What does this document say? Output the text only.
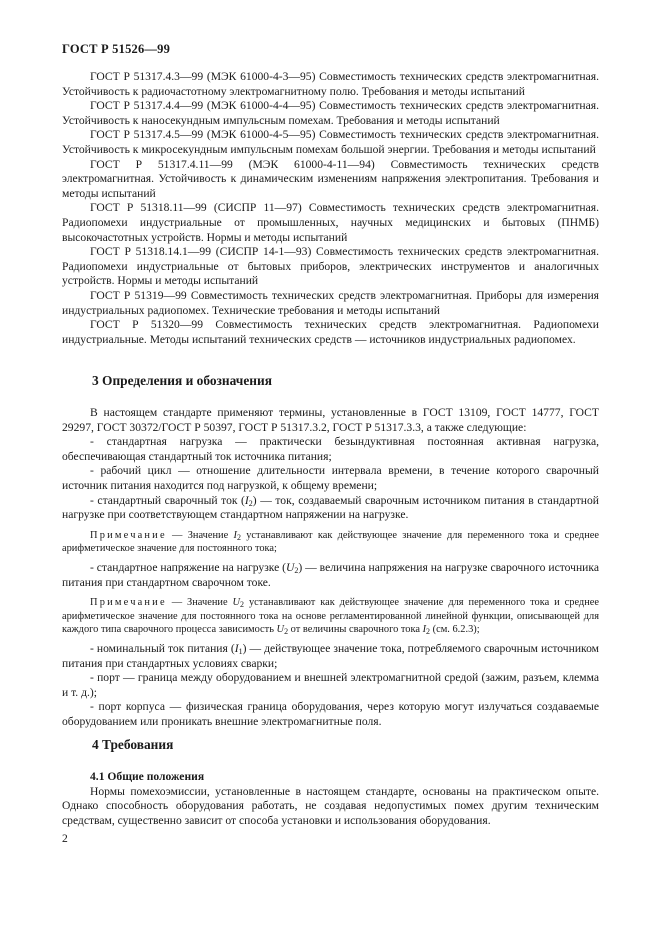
ГОСТ Р 51526—99

ГОСТ Р 51317.4.3—99 (МЭК 61000-4-3—95) Совместимость технических средств электромагнитная. Устойчивость к радиочастотному электромагнитному полю. Требования и методы испытаний

ГОСТ Р 51317.4.4—99 (МЭК 61000-4-4—95) Совместимость технических средств электромагнитная. Устойчивость к наносекундным импульсным помехам. Требования и методы испытаний

ГОСТ Р 51317.4.5—99 (МЭК 61000-4-5—95) Совместимость технических средств электромагнитная. Устойчивость к микросекундным импульсным помехам большой энергии. Требования и методы испытаний

ГОСТ Р 51317.4.11—99 (МЭК 61000-4-11—94) Совместимость технических средств электромагнитная. Устойчивость к динамическим изменениям напряжения электропитания. Требования и методы испытаний

ГОСТ Р 51318.11—99 (СИСПР 11—97) Совместимость технических средств электромагнитная. Радиопомехи индустриальные от промышленных, научных медицинских и бытовых (ПНМБ) высокочастотных устройств. Нормы и методы испытаний

ГОСТ Р 51318.14.1—99 (СИСПР 14-1—93) Совместимость технических средств электромагнитная. Радиопомехи индустриальные от бытовых приборов, электрических инструментов и аналогичных устройств. Нормы и методы испытаний

ГОСТ Р 51319—99 Совместимость технических средств электромагнитная. Приборы для измерения индустриальных радиопомех. Технические требования и методы испытаний

ГОСТ Р 51320—99 Совместимость технических средств электромагнитная. Радиопомехи индустриальные. Методы испытаний технических средств — источников индустриальных радиопомех.

3 Определения и обозначения

В настоящем стандарте применяют термины, установленные в ГОСТ 13109, ГОСТ 14777, ГОСТ 29297, ГОСТ 30372/ГОСТ Р 50397, ГОСТ Р 51317.3.2, ГОСТ Р 51317.3.3, а также следующие:

- стандартная нагрузка — практически безындуктивная постоянная активная нагрузка, обеспечивающая стандартный ток источника питания;

- рабочий цикл — отношение длительности интервала времени, в течение которого сварочный источник питания находится под нагрузкой, к общему времени;

- стандартный сварочный ток $(I_2)$ — ток, создаваемый сварочным источником питания в стандартной нагрузке при соответствующем стандартном напряжении на нагрузке.

Примечание — Значение $I_2$ устанавливают как действующее значение для переменного тока и среднее арифметическое значение для постоянного тока;

- стандартное напряжение на нагрузке $(U_2)$ — величина напряжения на нагрузке сварочного источника питания при стандартном сварочном токе.

Примечание — Значение $U_2$ устанавливают как действующее значение для переменного тока и среднее арифметическое значение для постоянного тока на основе регламентированной линейной функции, описывающей для каждого типа сварочного процесса зависимость $U_2$ от величины сварочного тока $I_2$ (см. 6.2.3);

- номинальный ток питания $(I_1)$ — действующее значение тока, потребляемого сварочным источником питания при стандартных условиях сварки;

- порт — граница между оборудованием и внешней электромагнитной средой (зажим, разъем, клемма и т. д.);

- порт корпуса — физическая граница оборудования, через которую могут излучаться создаваемые оборудованием или проникать внешние электромагнитные поля.

4 Требования

4.1 Общие положения

Нормы помехоэмиссии, установленные в настоящем стандарте, основаны на практическом опыте. Однако способность оборудования работать, не создавая недопустимых помех другим техническим средствам, существенно зависит от способа установки и использования оборудования.

2
